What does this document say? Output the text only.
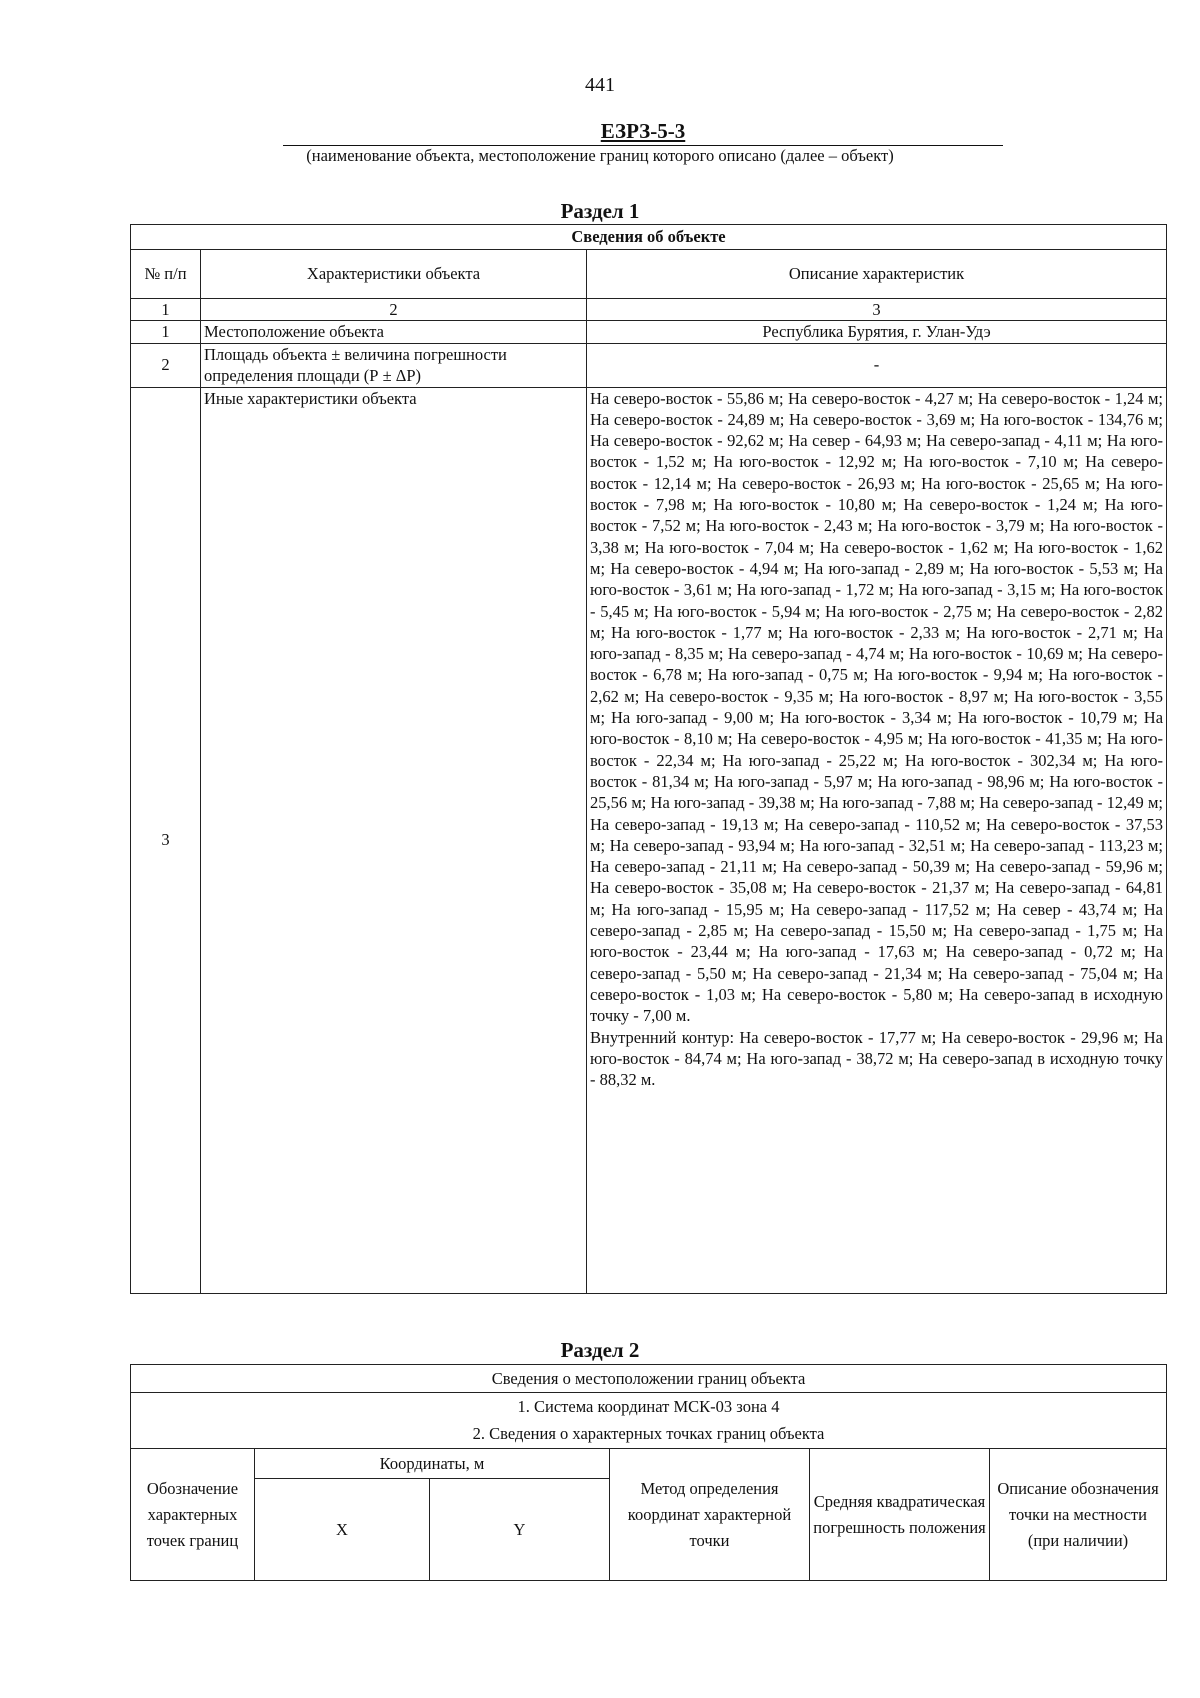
441
ЕЗРЗ-5-3
(наименование объекта, местоположение границ которого описано (далее – объект)
Раздел 1
Сведения об объекте		
№ п/п	Характеристики объекта	Описание характеристик
1	2	3
1	Местоположение объекта	Республика Бурятия, г. Улан-Удэ
2	Площадь объекта ± величина погрешности определения площади (Р ± ΔР)	-
3	Иные характеристики объекта	На северо-восток - 55,86 м; На северо-восток - 4,27 м; На северо-восток - 1,24 м; На северо-восток - 24,89 м; На северо-восток - 3,69 м; На юго-восток - 134,76 м; На северо-восток - 92,62 м; На север - 64,93 м; На северо-запад - 4,11 м; На юго-восток - 1,52 м; На юго-восток - 12,92 м; На юго-восток - 7,10 м; На северо-восток - 12,14 м; На северо-восток - 26,93 м; На юго-восток - 25,65 м; На юго-восток - 7,98 м; На юго-восток - 10,80 м; На северо-восток - 1,24 м; На юго-восток - 7,52 м; На юго-восток - 2,43 м; На юго-восток - 3,79 м; На юго-восток - 3,38 м; На юго-восток - 7,04 м; На северо-восток - 1,62 м; На юго-восток - 1,62 м; На северо-восток - 4,94 м; На юго-запад - 2,89 м; На юго-восток - 5,53 м; На юго-восток - 3,61 м; На юго-запад - 1,72 м; На юго-запад - 3,15 м; На юго-восток - 5,45 м; На юго-восток - 5,94 м; На юго-восток - 2,75 м; На северо-восток - 2,82 м; На юго-восток - 1,77 м; На юго-восток - 2,33 м; На юго-восток - 2,71 м; На юго-запад - 8,35 м; На северо-запад - 4,74 м; На юго-восток - 10,69 м; На северо-восток - 6,78 м; На юго-запад - 0,75 м; На юго-восток - 9,94 м; На юго-восток - 2,62 м; На северо-восток - 9,35 м; На юго-восток - 8,97 м; На юго-восток - 3,55 м; На юго-запад - 9,00 м; На юго-восток - 3,34 м; На юго-восток - 10,79 м; На юго-восток - 8,10 м; На северо-восток - 4,95 м; На юго-восток - 41,35 м; На юго-восток - 22,34 м; На юго-запад - 25,22 м; На юго-восток - 302,34 м; На юго-восток - 81,34 м; На юго-запад - 5,97 м; На юго-запад - 98,96 м; На юго-восток - 25,56 м; На юго-запад - 39,38 м; На юго-запад - 7,88 м; На северо-запад - 12,49 м; На северо-запад - 19,13 м; На северо-запад - 110,52 м; На северо-восток - 37,53 м; На северо-запад - 93,94 м; На юго-запад - 32,51 м; На северо-запад - 113,23 м; На северо-запад - 21,11 м; На северо-запад - 50,39 м; На северо-запад - 59,96 м; На северо-восток - 35,08 м; На северо-восток - 21,37 м; На северо-запад - 64,81 м; На юго-запад - 15,95 м; На северо-запад - 117,52 м; На север - 43,74 м; На северо-запад - 2,85 м; На северо-запад - 15,50 м; На северо-запад - 1,75 м; На юго-восток - 23,44 м; На юго-запад - 17,63 м; На северо-запад - 0,72 м; На северо-запад - 5,50 м; На северо-запад - 21,34 м; На северо-запад - 75,04 м; На северо-восток - 1,03 м; На северо-восток - 5,80 м; На северо-запад в исходную точку - 7,00 м.
Внутренний контур: На северо-восток - 17,77 м; На северо-восток - 29,96 м; На юго-восток - 84,74 м; На юго-запад - 38,72 м; На северо-запад в исходную точку - 88,32 м.
Раздел 2
Сведения о местоположении границ объекта					
1. Система координат МСК-03 зона 4					
2. Сведения о характерных точках границ объекта					
Обозначение характерных точек границ	Координаты, м		Метод определения координат характерной точки	Средняя квадратическая погрешность положения	Описание обозначения точки на местности (при наличии)
	X	Y			
